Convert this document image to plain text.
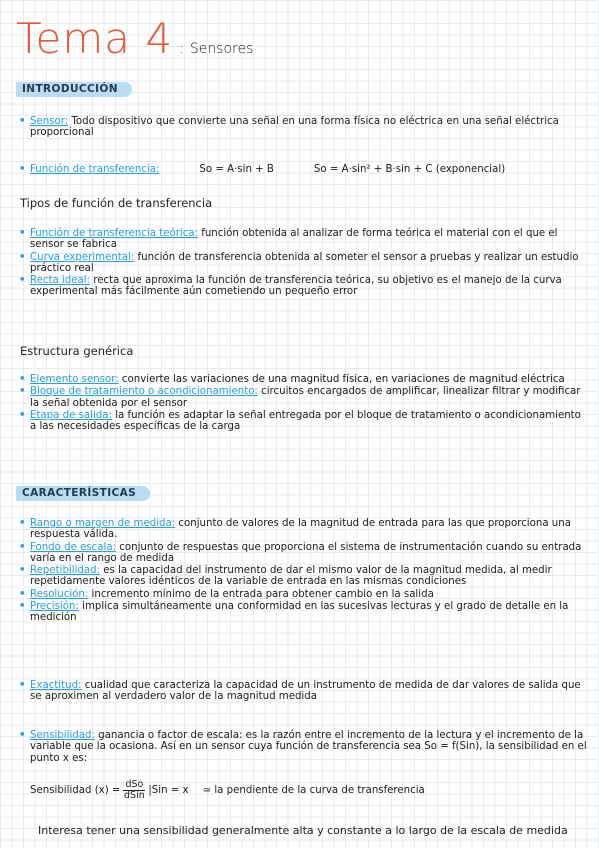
Tema 4 : Sensores
INTRODUCCIÓN
• Sensor: Todo dispositivo que convierte una señal en una forma física no eléctrica en una señal eléctrica proporcional
• Función de transferencia:	So = A·sin + B	So = A·sin² + B·sin + C (exponencial)
Tipos de función de transferencia
• Función de transferencia teórica: función obtenida al analizar de forma teórica el material con el que el sensor se fabrica
• Curva experimental: función de transferencia obtenida al someter el sensor a pruebas y realizar un estudio práctico real
• Recta ideal: recta que aproxima la función de transferencia teórica, su objetivo es el manejo de la curva experimental más fácilmente aún cometiendo un pequeño error
Estructura genérica
• Elemento sensor: convierte las variaciones de una magnitud física, en variaciones de magnitud eléctrica
• Bloque de tratamiento o acondicionamiento: circuitos encargados de amplificar, linealizar filtrar y modificar la señal obtenida por el sensor
• Etapa de salida: la función es adaptar la señal entregada por el bloque de tratamiento o acondicionamiento a las necesidades específicas de la carga
CARACTERÍSTICAS
• Rango o margen de medida: conjunto de valores de la magnitud de entrada para las que proporciona una respuesta válida.
• Fondo de escala: conjunto de respuestas que proporciona el sistema de instrumentación cuando su entrada varía en el rango de medida
• Repetibilidad: es la capacidad del instrumento de dar el mismo valor de la magnitud medida, al medir repetidamente valores idénticos de la variable de entrada en las mismas condiciones
• Resolución: incremento mínimo de la entrada para obtener cambio en la salida
• Precisión: implica simultáneamente una conformidad en las sucesivas lecturas y el grado de detalle en la medición
• Exactitud: cualidad que caracteriza la capacidad de un instrumento de medida de dar valores de salida que se aproximen al verdadero valor de la magnitud medida
• Sensibilidad: ganancia o factor de escala: es la razón entre el incremento de la lectura y el incremento de la variable que la ocasiona. Así en un sensor cuya función de transferencia sea So = f(Sin), la sensibilidad en el punto x es:
Sensibilidad $(x) = \frac{\text{dSo}}{\text{dSin}} |Sin = x$ ≃ la pendiente de la curva de transferencia
Interesa tener una sensibilidad generalmente alta y constante a lo largo de la escala de medida
